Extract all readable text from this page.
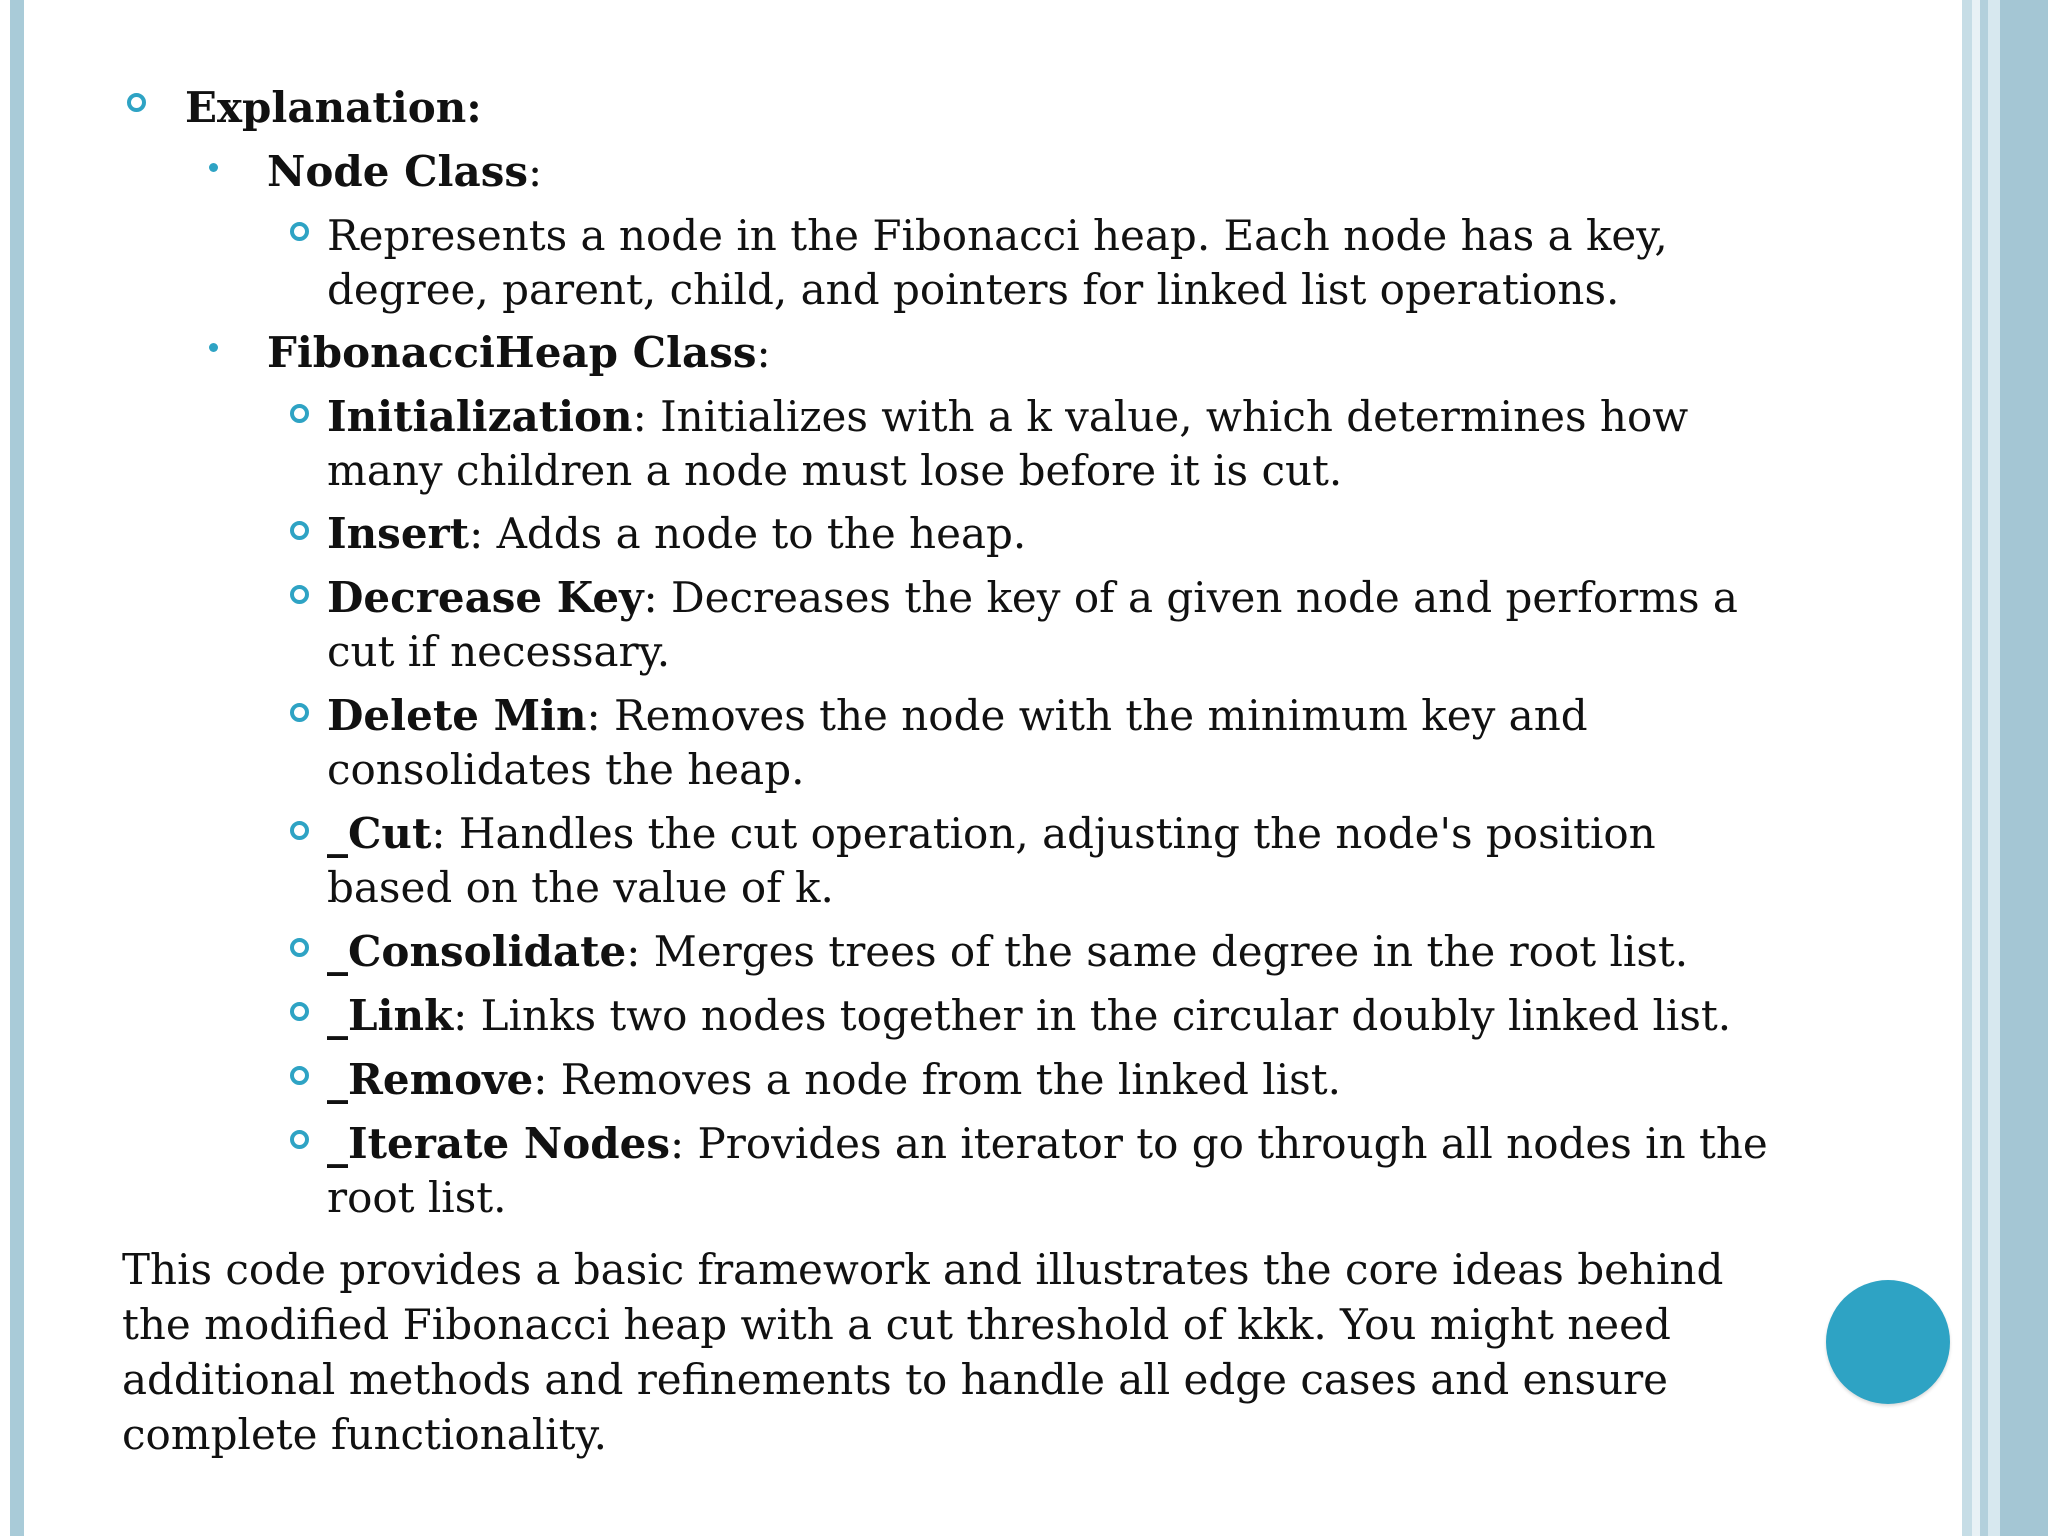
Explanation:
Node Class:
Represents a node in the Fibonacci heap. Each node has a key,
degree, parent, child, and pointers for linked list operations.
FibonacciHeap Class:
Initialization: Initializes with a k value, which determines how
many children a node must lose before it is cut.
Insert: Adds a node to the heap.
Decrease Key: Decreases the key of a given node and performs a
cut if necessary.
Delete Min: Removes the node with the minimum key and
consolidates the heap.
_Cut: Handles the cut operation, adjusting the node's position
based on the value of k.
_Consolidate: Merges trees of the same degree in the root list.
_Link: Links two nodes together in the circular doubly linked list.
_Remove: Removes a node from the linked list.
_Iterate Nodes: Provides an iterator to go through all nodes in the
root list.
This code provides a basic framework and illustrates the core ideas behind
the modified Fibonacci heap with a cut threshold of kkk. You might need
additional methods and refinements to handle all edge cases and ensure
complete functionality.
